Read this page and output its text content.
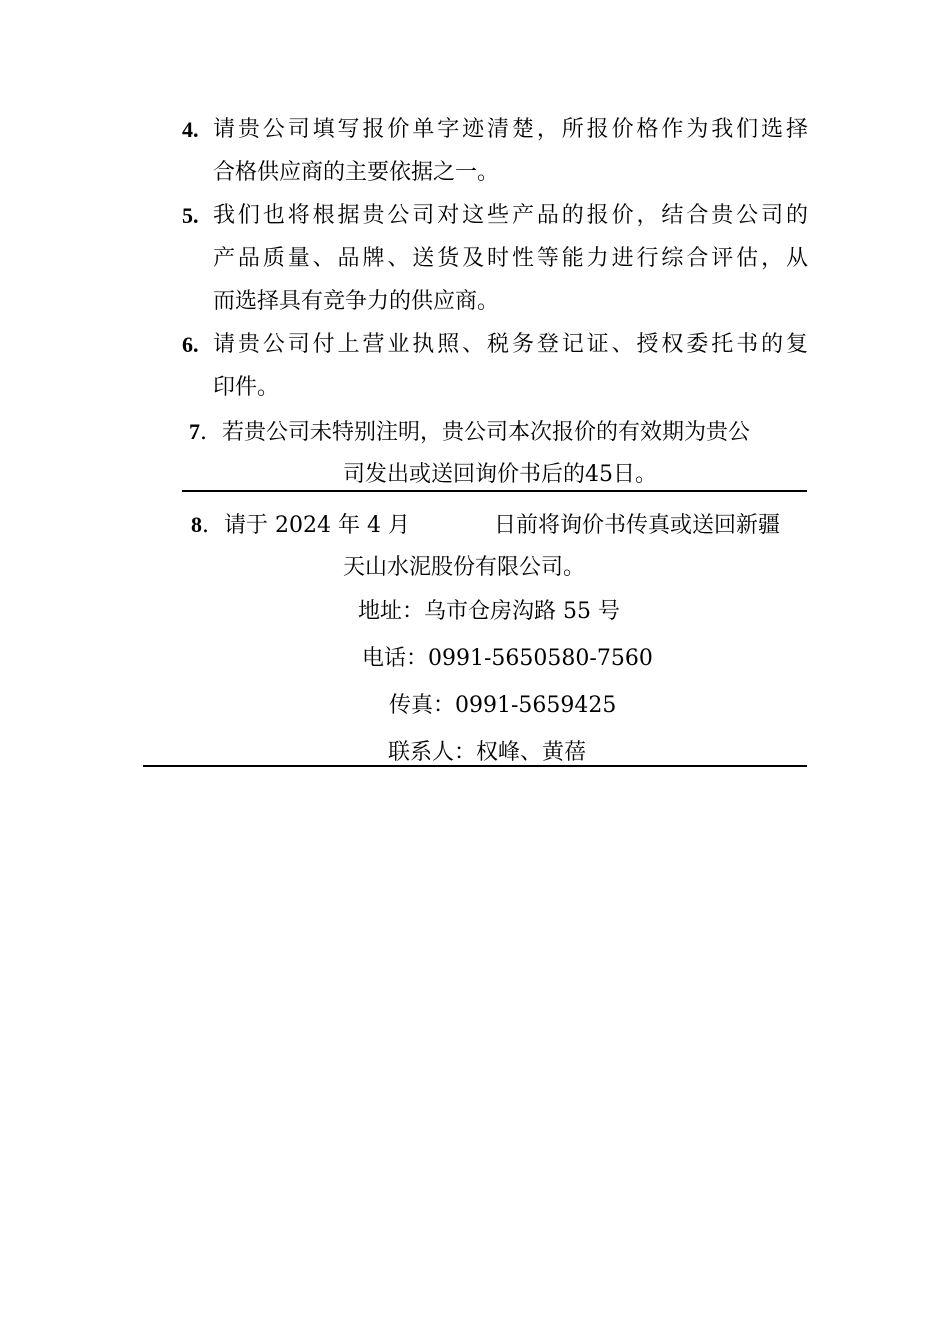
4. 请贵公司填写报价单字迹清楚，所报价格作为我们选择
合格供应商的主要依据之一。
5. 我们也将根据贵公司对这些产品的报价，结合贵公司的
产品质量、品牌、送货及时性等能力进行综合评估，从
而选择具有竞争力的供应商。
6. 请贵公司付上营业执照、税务登记证、授权委托书的复
印件。
7. 若贵公司未特别注明，贵公司本次报价的有效期为贵公
司发出或送回询价书后的45日。
8. 请于 2024 年 4 月	日前将询价书传真或送回新疆
天山水泥股份有限公司。
地址：乌市仓房沟路 55 号
电话：0991-5650580-7560
传真：0991-5659425
联系人：权峰、黄蓓
